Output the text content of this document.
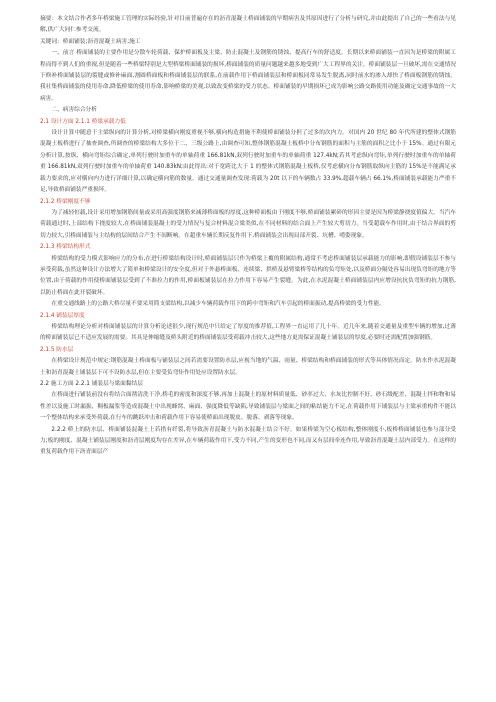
摘要：本文结合作者多年桥梁施工管理的实际经验,针对目前普遍存在的沥青混凝土桥面铺装的早期病害及其原因进行了分析与研究,并由此提出了自己的一些看法与见解,供广大同仁参考交流。

关键词：桥面铺装;沥青混凝土病害;施工

一、前言 桥面铺装的主要作用是分散车轮荷载、保护桥面板及主梁、防止混凝土及钢筋的锈蚀、提高行车的舒适度。长期以来桥面铺装一直因为是桥梁的附属工程而得不到人们的重视,但是随着一些桥梁特别是大型桥梁桥面铺装的损坏,桥面铺装的质量问题越来越多地受到广大工程界的关注。桥面铺装层一旦破坏,需在交通情况下修补桥面铺装层的裂缝或修补麻面,割圆桥面板和桥面铺装层的联系,在前载作用下桥面铺装层和桥面板同常易发生脱离,同时前水的渗入却快了桥面板钢筋的锈蚀。 我社集桥面铺装的使用寿命,降低桥梁的使用寿命,影响桥梁的美观,以致改变桥梁的受力状态。桥面铺装的早期损坏已成为影响公路交路使用功能及确定交通事故的一大病害。

二、病害综合分析

2.1 设计方面 2.1.1 桥梁承载力低

设计计算中随意干主梁纵向的计算分析,对桥梁横向刚度重视不够,横向构造措施不利使桥面铺装分担了过多的次内力。对国内 20 世纪 80 年代所建的整体式钢筋混凝土板桥进行了抽查调查,所调查的桥梁结构大多位于二、三级公路上,由调查可知,整体钢筋混凝土板桥中分布钢筋的面积与主筋的面积之比小于 15%。通过有限元分析计算,按纵、横向弯矩综合确定,单列行驶时加重车的单轴荷重 166.81kN,双列行驶时加重车的单轴荷重 127.4kN;若其考虑纵向弯矩,单列行驶时加重车的单轴荷重 166.81kN,双列行驶时加重车的单轴荷重 140.83kN;由此得出:对于宽跨比大于 1 的整体式钢筋混凝土板桥,仅考虑横向分布钢筋取纵向主筋的 15%是不能满足承载力要求的,应对横向内力进行详细计算,以确定横向筋的数量。通过交通量调查发现:荷载为 20t 以下的车辆数占 33.9%,超载车辆占 66.1%,桥面铺装承载能力严重不足,导致桥面铺装严重损坏。

2.1.2 桥梁刚度不够

为了减轻恒载,设计采用增加钢筋间量或采用高强度钢筋来减薄桥面板的厚度,这种桥面板由于刚度不够,桥面铺装累碎的形因主要是因为桥梁静挠度值偏大。当汽车荷载通过时,上部结构下挠度较大,在桥面铺装混凝土的受力情况与复合材料混合梁类似,在不同材料的结合面上产生较大剪切力。当受超载车作用时,由于结合界面的剪切力较大,引桥面铺装与主结构的层间结合产生不间断响。在超重车辆长期反复作用下,桥面铺装会出现局部开裂、坑槽、啃姿现象。

2.1.3 桥梁结构形式

桥梁结构的受力模式影响应力的分布,在进行桥梁结构设计时,桥面铺装层只作为桥梁上覆的附属结构,通常不考虑桥面铺装层承载能力的影响,即假设铺装层不参与承受荷载,虽然这种设计方法增大了简单和桥梁设计的安全度,但对于外悬桥面板、连续梁、拱桥及悬臂梁桥等结构的负弯矩处,以及桥面分隔处容易出现负弯矩的地方等位置,由于荷载的作用使桥面铺装层受到了不准拉力的作用,桥面板铺装层在拉力作用下容易产生裂缝。为此,在水泥混凝土桥面铺装层内应增设抗抗负弯矩的抗力钢筋,以防止桥面在此开裂破坏。

在重交通线路上的公路大桥尽量不要采用简支梁结构,以减少车辆荷载作用下的跨中弯矩和汽车引起的桥面振动,提高桥梁的受力性能。

2.1.4 铺装层厚度

桥梁结构理论分析对桥面铺装层的计算分析论述很少,现行规范中只给定了厚度的推荐值,工程界一直运用了几十年。近几年来,随着交通量及重型车辆的增加,过薄的桥面铺装层已不适应发展的需要。其具是伸缩缝及桥头附近的桥面铺装层受荷载冲击较大,这些地方更需保证混凝土铺装层的厚度,必要时还需配置加强钢筋。

2.1.5 防水层

在桥梁设计规范中规定:钢筋混凝土桥面板与铺装层之间若需要设置防水层,应视当地的气温、雨量、桥梁结构和桥面铺装的形式等具体情况而定。防水作水泥混凝土和沥青混凝土铺装层下可不设防水层,但在主要受负弯矩作用处应设置防水层。

2.2 施工方面 2.2.1 铺装层与梁面黏结层

在桥面进行铺装前没有将结合面凿清洗干净,桥毛的密度和深度不够,再加上混凝土的原材料质量低、砂率过大、水灰比控制不好、砂石级配差、混凝土拌和物和易性差以及施工时漏振、稠板漏浆等造成混凝土中出现蜂窝、麻面、强度降低等缺陷,导致铺装层与梁面之间的粘结能力不足,在荷载作用下铺装层与主梁承重构件不能以一个整体结构来承受外荷载,在行车的跳跃冲击和荷载作用下容易使桥面出现脱皮、脱落、剥落等现象。

2.2.2 桥上的防水层、桥面铺装混凝土上若措有纤裂,将导致沥青混凝土与防水混凝土结合不好。如果桥梁为空心板结构,整体刚度小,板桥桥面铺装也参与部分受力;板的刚度、混凝土铺装层刚度和沥青层刚度均存在差异,在车辆荷载作用下,受力不同,产生的变形也不同,而又有层间牵连作用,导致沥青混凝土层内部受力。在这样的重复荷载作用下沥青面层产
